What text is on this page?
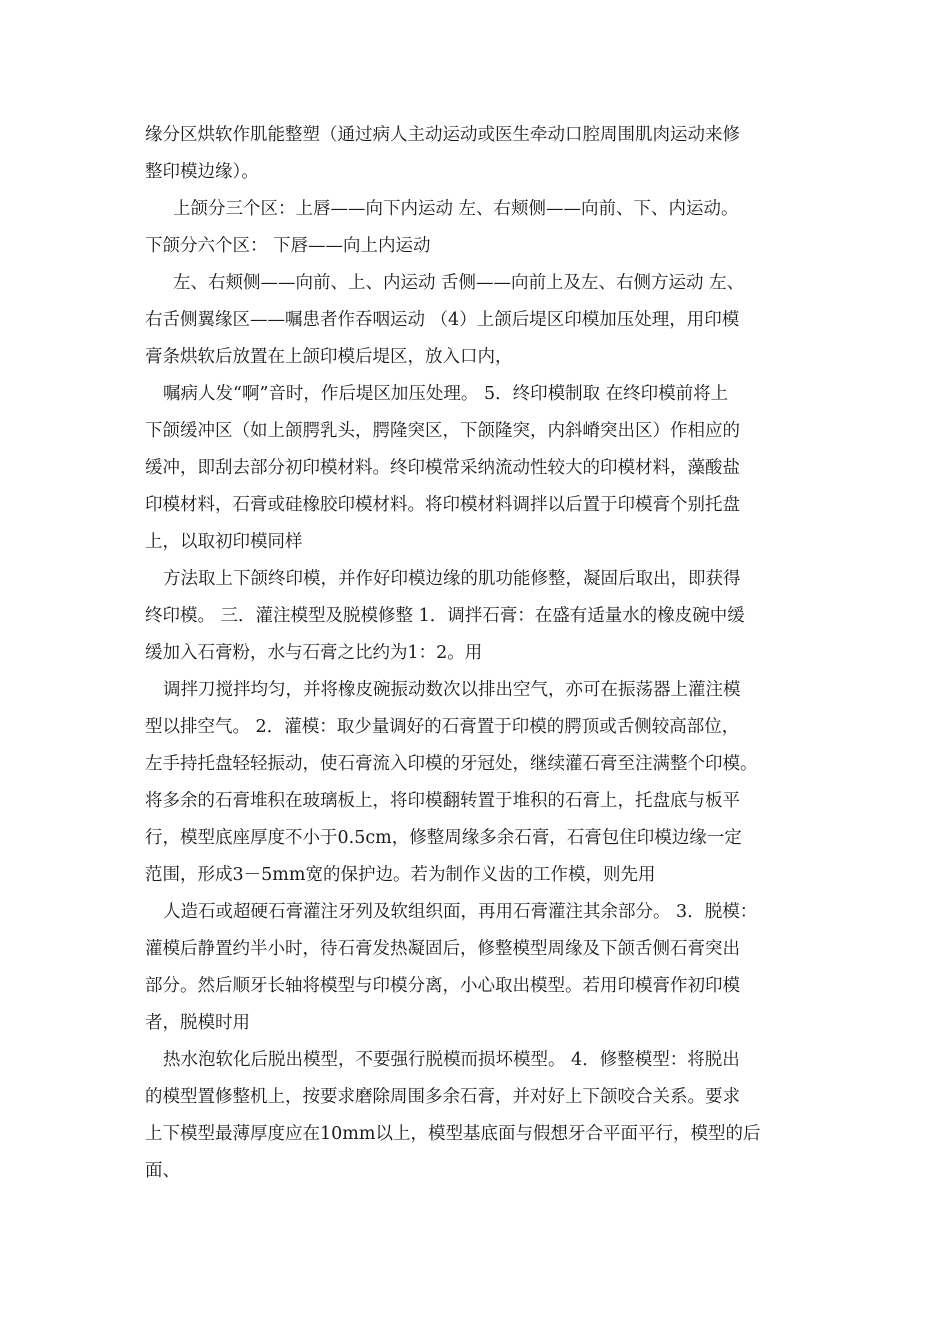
缘分区烘软作肌能整塑（通过病人主动运动或医生牵动口腔周围肌肉运动来修
整印模边缘）。
上颌分三个区：上唇——向下内运动 左、右颊侧——向前、下、内运动。
下颌分六个区： 下唇——向上内运动
左、右颊侧——向前、上、内运动 舌侧——向前上及左、右侧方运动 左、
右舌侧翼缘区——嘱患者作吞咽运动 （4）上颌后堤区印模加压处理，用印模
膏条烘软后放置在上颌印模后堤区，放入口内，
嘱病人发“啊”音时，作后堤区加压处理。 5．终印模制取 在终印模前将上
下颌缓冲区（如上颌腭乳头，腭隆突区，下颌隆突，内斜嵴突出区）作相应的
缓冲，即刮去部分初印模材料。终印模常采纳流动性较大的印模材料，藻酸盐
印模材料，石膏或硅橡胶印模材料。将印模材料调拌以后置于印模膏个别托盘
上，以取初印模同样
方法取上下颌终印模，并作好印模边缘的肌功能修整，凝固后取出，即获得
终印模。 三．灌注模型及脱模修整 1．调拌石膏：在盛有适量水的橡皮碗中缓
缓加入石膏粉，水与石膏之比约为1：2。用
调拌刀搅拌均匀，并将橡皮碗振动数次以排出空气，亦可在振荡器上灌注模
型以排空气。 2．灌模：取少量调好的石膏置于印模的腭顶或舌侧较高部位，
左手持托盘轻轻振动，使石膏流入印模的牙冠处，继续灌石膏至注满整个印模。
将多余的石膏堆积在玻璃板上，将印模翻转置于堆积的石膏上，托盘底与板平
行，模型底座厚度不小于0.5cm，修整周缘多余石膏，石膏包住印模边缘一定
范围，形成3－5mm宽的保护边。若为制作义齿的工作模，则先用
人造石或超硬石膏灌注牙列及软组织面，再用石膏灌注其余部分。 3．脱模：
灌模后静置约半小时，待石膏发热凝固后，修整模型周缘及下颌舌侧石膏突出
部分。然后顺牙长轴将模型与印模分离，小心取出模型。若用印模膏作初印模
者，脱模时用
热水泡软化后脱出模型，不要强行脱模而损坏模型。 4．修整模型：将脱出
的模型置修整机上，按要求磨除周围多余石膏，并对好上下颌咬合关系。要求
上下模型最薄厚度应在10mm以上，模型基底面与假想牙合平面平行，模型的后
面、
